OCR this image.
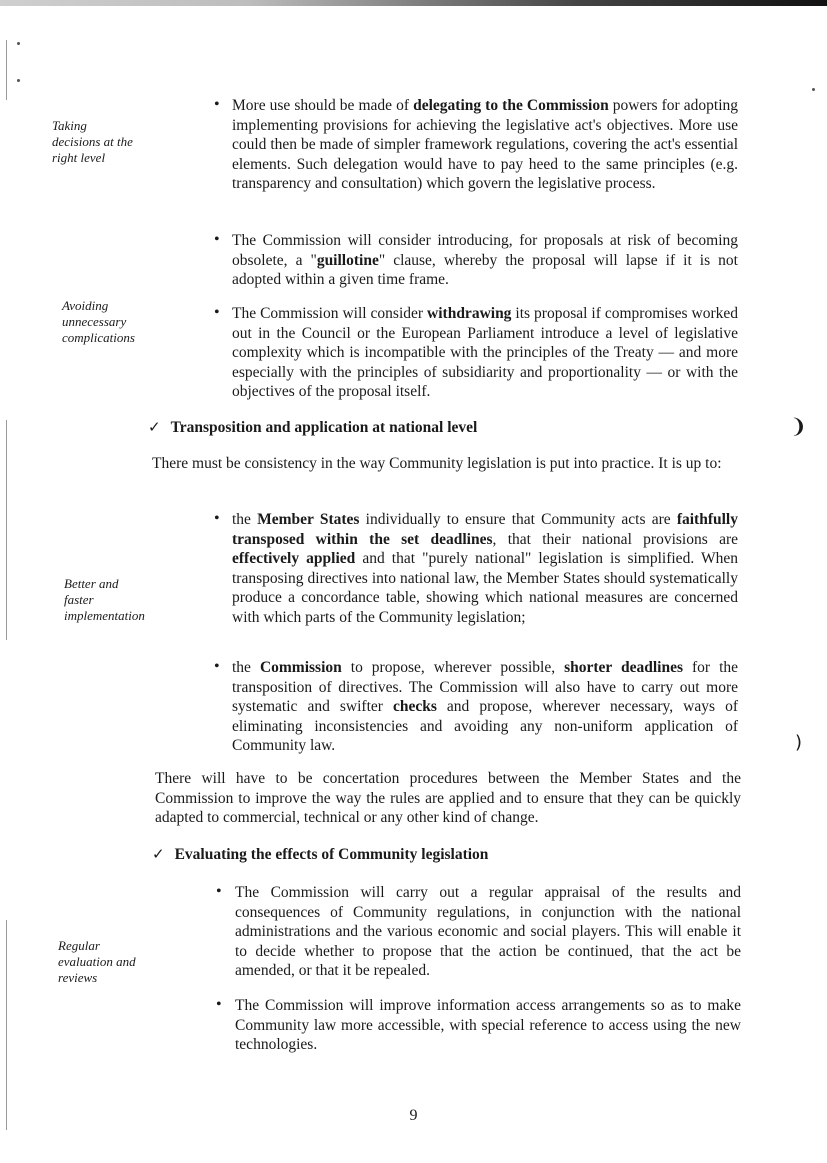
❩
)
Taking
decisions at the
right level
Avoiding
unnecessary
complications
Better and
faster
implementation
Regular
evaluation and
reviews
• More use should be made of delegating to the Commission powers for adopting implementing provisions for achieving the legislative act's objectives. More use could then be made of simpler framework regulations, covering the act's essential elements. Such delegation would have to pay heed to the same principles (e.g. transparency and consultation) which govern the legislative process.
• The Commission will consider introducing, for proposals at risk of becoming obsolete, a "guillotine" clause, whereby the proposal will lapse if it is not adopted within a given time frame.
• The Commission will consider withdrawing its proposal if compromises worked out in the Council or the European Parliament introduce a level of legislative complexity which is incompatible with the principles of the Treaty — and more especially with the principles of subsidiarity and proportionality — or with the objectives of the proposal itself.
✓ Transposition and application at national level
There must be consistency in the way Community legislation is put into practice. It is up to:
• the Member States individually to ensure that Community acts are faithfully transposed within the set deadlines, that their national provisions are effectively applied and that "purely national" legislation is simplified. When transposing directives into national law, the Member States should systematically produce a concordance table, showing which national measures are concerned with which parts of the Community legislation;
• the Commission to propose, wherever possible, shorter deadlines for the transposition of directives. The Commission will also have to carry out more systematic and swifter checks and propose, wherever necessary, ways of eliminating inconsistencies and avoiding any non-uniform application of Community law.
There will have to be concertation procedures between the Member States and the Commission to improve the way the rules are applied and to ensure that they can be quickly adapted to commercial, technical or any other kind of change.
✓ Evaluating the effects of Community legislation
• The Commission will carry out a regular appraisal of the results and consequences of Community regulations, in conjunction with the national administrations and the various economic and social players. This will enable it to decide whether to propose that the action be continued, that the act be amended, or that it be repealed.
• The Commission will improve information access arrangements so as to make Community law more accessible, with special reference to access using the new technologies.
9
